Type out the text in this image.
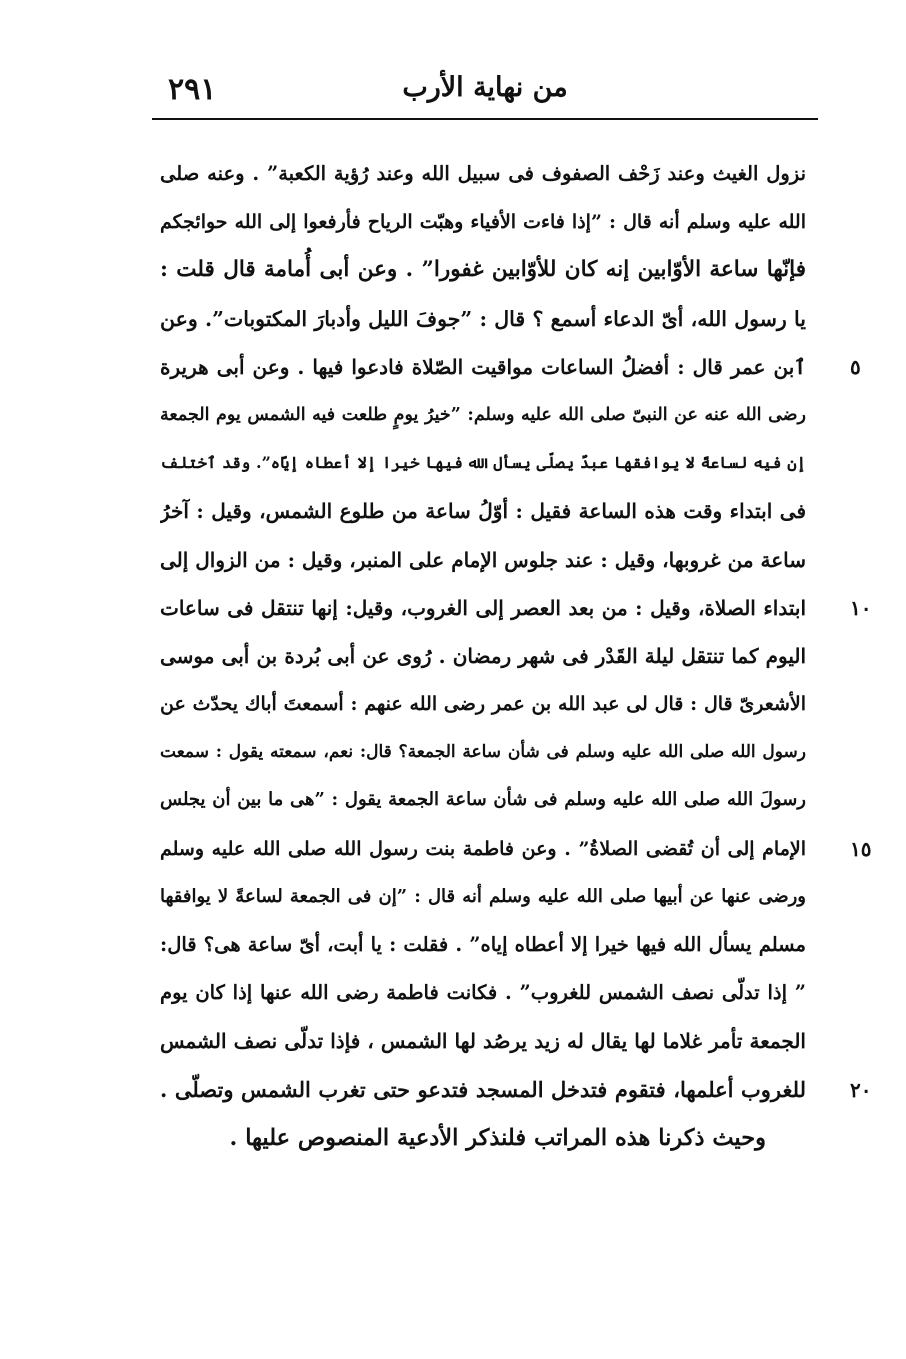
٢٩١	من نهاية الأرب
نزول الغيث وعند زَحْف الصفوف فى سبيل الله وعند رُؤية الكعبة” . وعنه صلى
الله عليه وسلم أنه قال : ”إذا فاءت الأفياء وهبّت الرياح فأرفعوا إلى الله حوائجكم
فإنّها ساعة الأوّابين إنه كان للأوّابين غفورا” . وعن أبى أُمامة قال قلت :
يا رسول الله، أىّ الدعاء أسمع ؟ قال : ”جوفَ الليل وأدبارَ المكتوبات”. وعن
ٱبن عمر قال : أفضلُ الساعات مواقيت الصّلاة فادعوا فيها . وعن أبى هريرة
رضى الله عنه عن النبىّ صلى الله عليه وسلم: ”خيرُ يومٍ طلعت فيه الشمس يوم الجمعة
إن فيه لساعةً لا يوافقها عبدٌ يصلّى يسأل الله فيها خيرا إلا أعطاه إيّاه”. وقد ٱختلف
فى ابتداء وقت هذه الساعة فقيل : أوّلُ ساعة من طلوع الشمس، وقيل : آخرُ
ساعة من غروبها، وقيل : عند جلوس الإمام على المنبر، وقيل : من الزوال إلى
ابتداء الصلاة، وقيل : من بعد العصر إلى الغروب، وقيل: إنها تنتقل فى ساعات
اليوم كما تنتقل ليلة القَدْر فى شهر رمضان . رُوى عن أبى بُردة بن أبى موسى
الأشعرىّ قال : قال لى عبد الله بن عمر رضى الله عنهم : أسمعتَ أباك يحدّث عن
رسول الله صلى الله عليه وسلم فى شأن ساعة الجمعة؟ قال: نعم، سمعته يقول : سمعت
رسولَ الله صلى الله عليه وسلم فى شأن ساعة الجمعة يقول : ”هى ما بين أن يجلس
الإمام إلى أن تُقضى الصلاةُ” . وعن فاطمة بنت رسول الله صلى الله عليه وسلم
ورضى عنها عن أبيها صلى الله عليه وسلم أنه قال : ”إن فى الجمعة لساعةً لا يوافقها
مسلم يسأل الله فيها خيرا إلا أعطاه إياه” . فقلت : يا أبت، أىّ ساعة هى؟ قال:
” إذا تدلّى نصف الشمس للغروب” . فكانت فاطمة رضى الله عنها إذا كان يوم
الجمعة تأمر غلاما لها يقال له زيد يرصُد لها الشمس ، فإذا تدلّى نصف الشمس
للغروب أعلمها، فتقوم فتدخل المسجد فتدعو حتى تغرب الشمس وتصلّى .
وحيث ذكرنا هذه المراتب فلنذكر الأدعية المنصوص عليها .
٥
١٠
١٥
٢٠
